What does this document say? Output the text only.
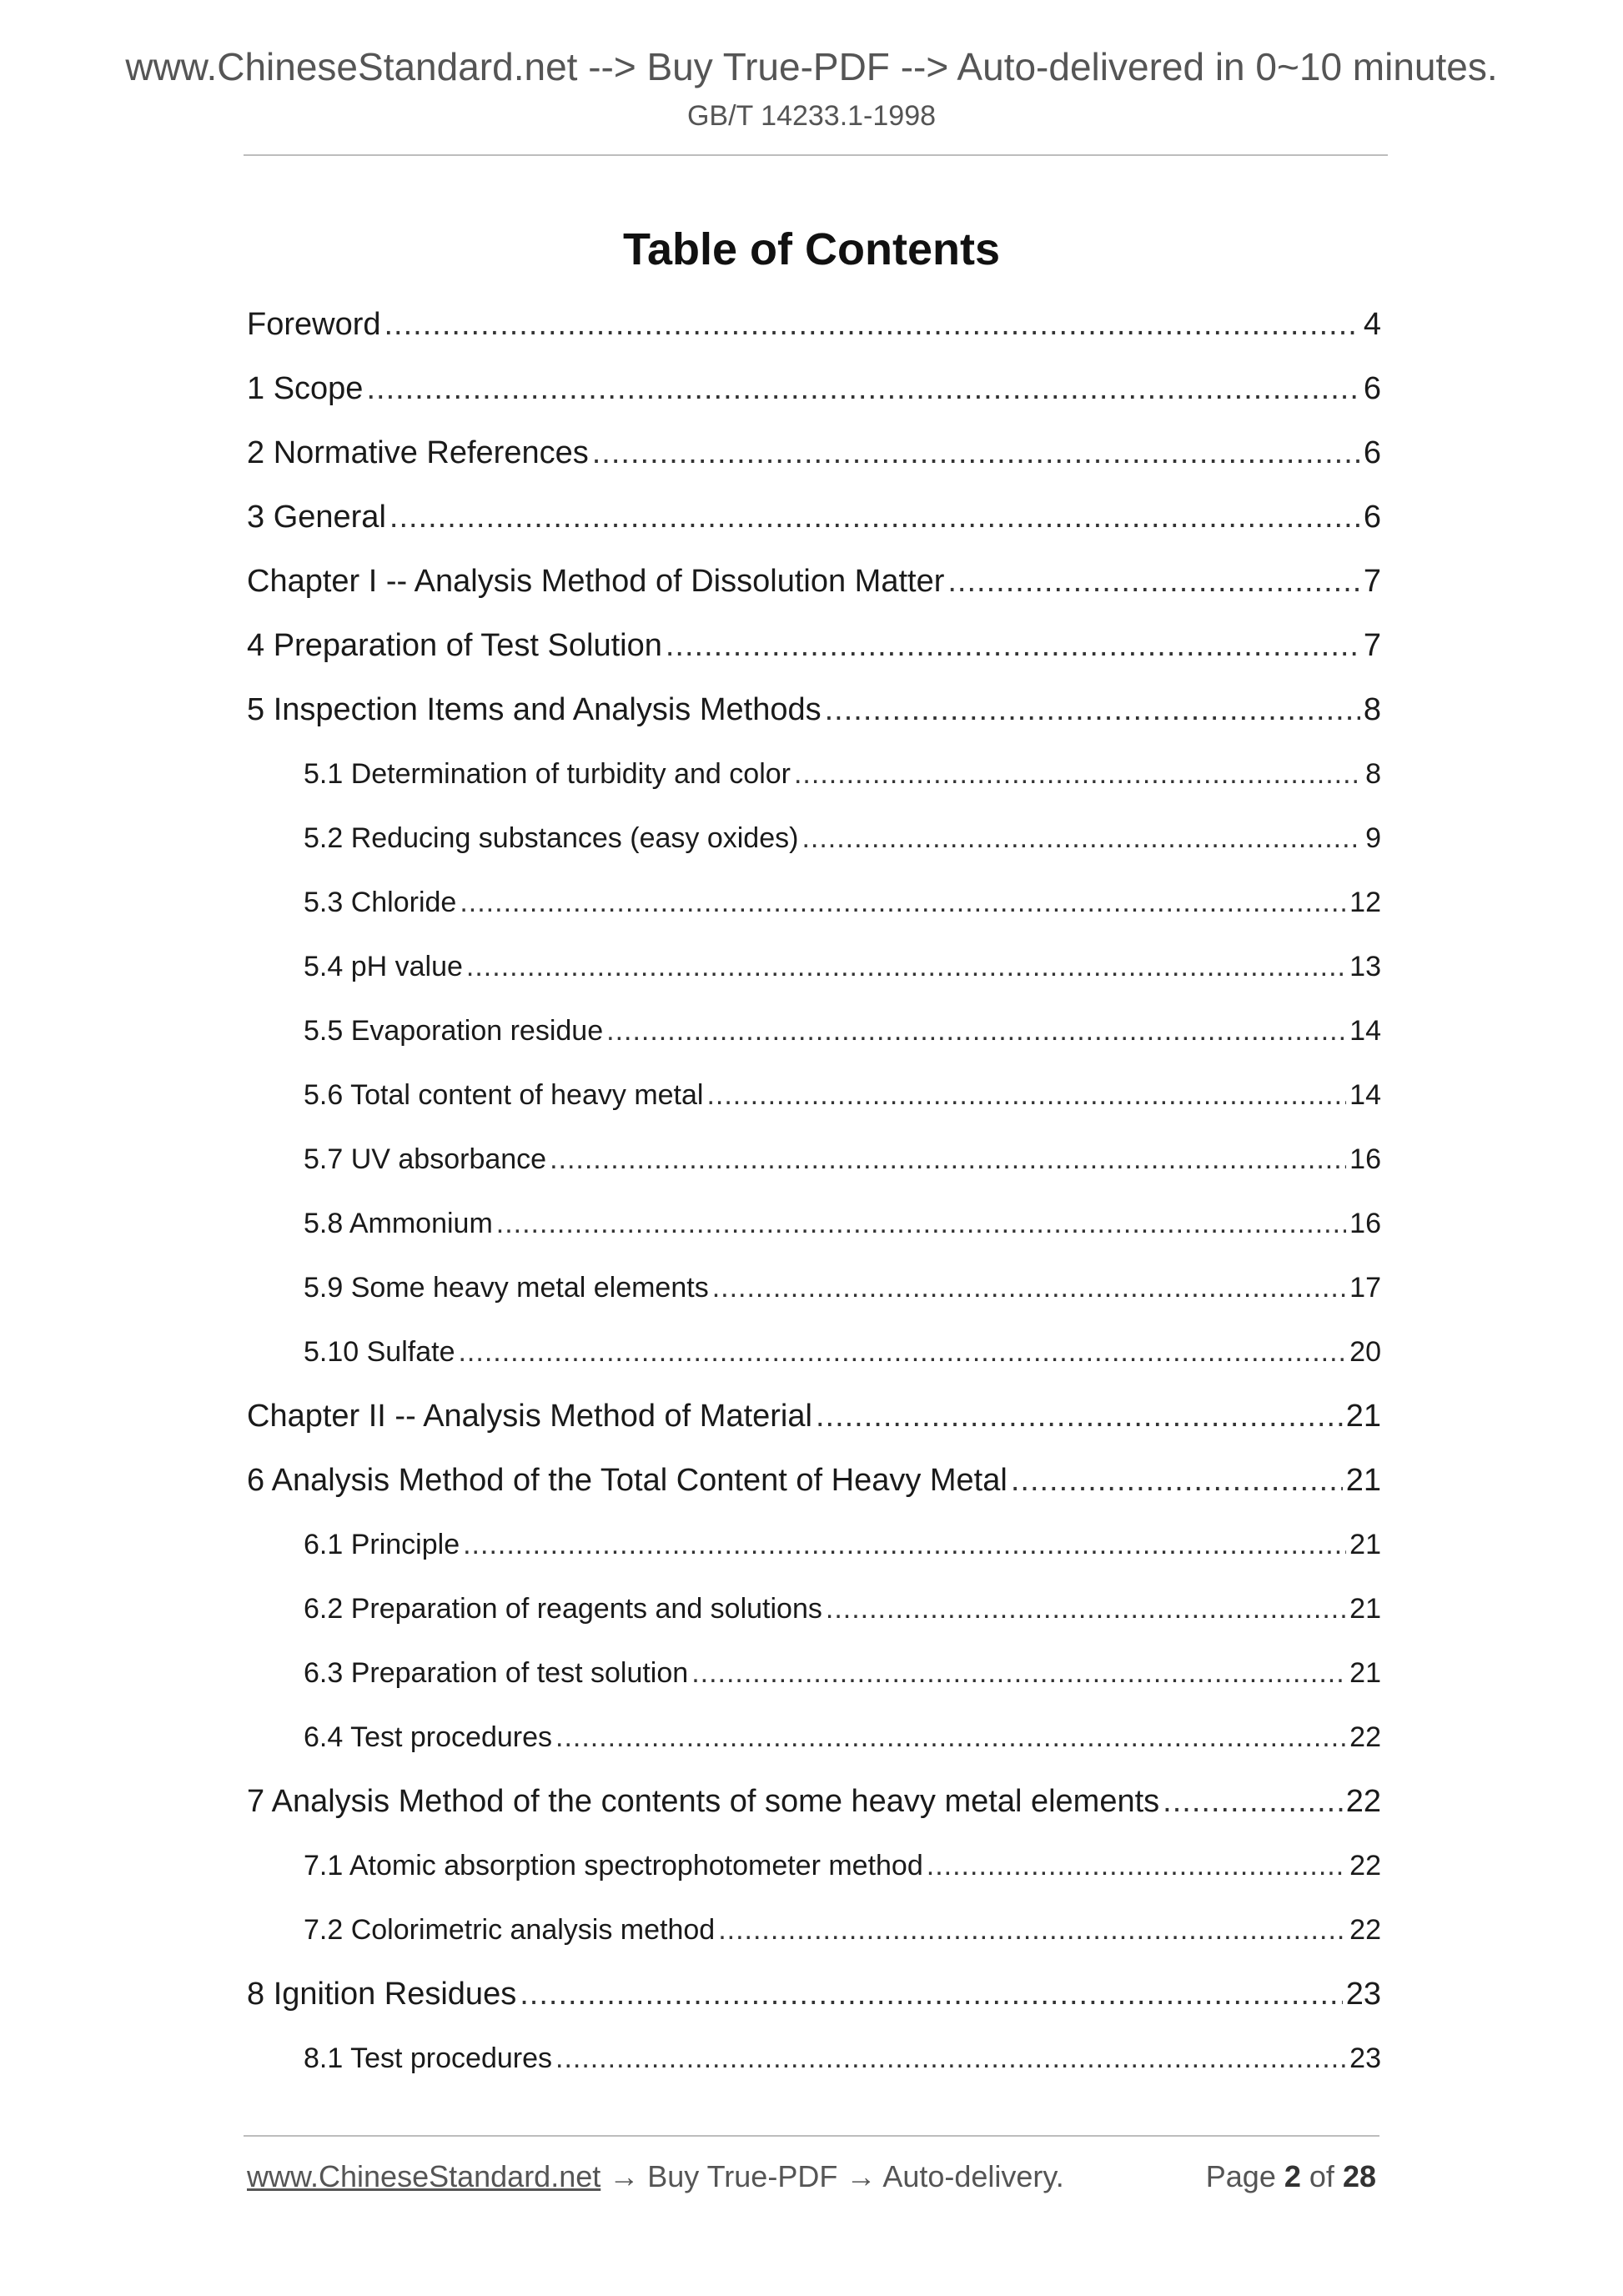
www.ChineseStandard.net --> Buy True-PDF --> Auto-delivered in 0~10 minutes.
GB/T 14233.1-1998
Table of Contents
Foreword .....	4
1 Scope .....	6
2 Normative References .....	6
3 General .....	6
Chapter I -- Analysis Method of Dissolution Matter .....	7
4 Preparation of Test Solution .....	7
5 Inspection Items and Analysis Methods .....	8
5.1 Determination of turbidity and color .....	8
5.2 Reducing substances (easy oxides) .....	9
5.3 Chloride .....	12
5.4 pH value .....	13
5.5 Evaporation residue .....	14
5.6 Total content of heavy metal .....	14
5.7 UV absorbance .....	16
5.8 Ammonium .....	16
5.9 Some heavy metal elements .....	17
5.10 Sulfate .....	20
Chapter II -- Analysis Method of Material .....	21
6 Analysis Method of the Total Content of Heavy Metal .....	21
6.1 Principle .....	21
6.2 Preparation of reagents and solutions .....	21
6.3 Preparation of test solution .....	21
6.4 Test procedures .....	22
7 Analysis Method of the contents of some heavy metal elements .....	22
7.1 Atomic absorption spectrophotometer method .....	22
7.2 Colorimetric analysis method .....	22
8 Ignition Residues .....	23
8.1 Test procedures .....	23
www.ChineseStandard.net → Buy True-PDF → Auto-delivery.	Page 2 of 28
